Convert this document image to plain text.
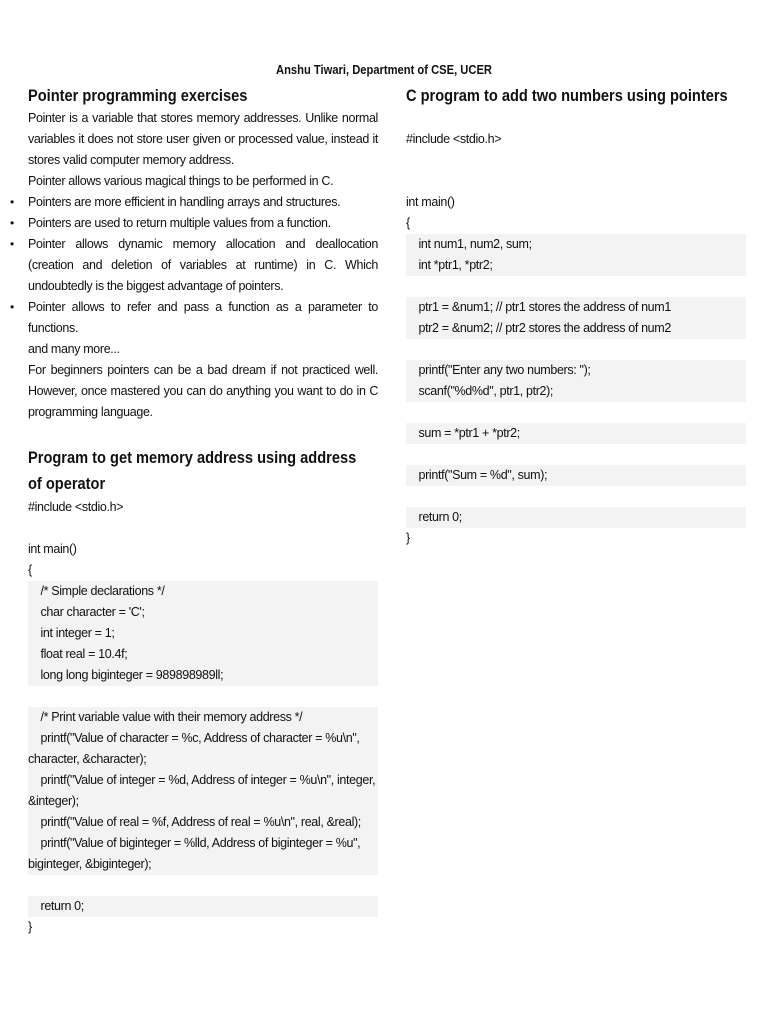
Anshu Tiwari, Department of CSE, UCER
Pointer programming exercises

Pointer is a variable that stores memory addresses. Unlike normal variables it does not store user given or processed value, instead it stores valid computer memory address.

Pointer allows various magical things to be performed in C.

• Pointers are more efficient in handling arrays and structures.
• Pointers are used to return multiple values from a function.
• Pointer allows dynamic memory allocation and deallocation (creation and deletion of variables at runtime) in C. Which undoubtedly is the biggest advantage of pointers.
• Pointer allows to refer and pass a function as a parameter to functions.

and many more...

For beginners pointers can be a bad dream if not practiced well. However, once mastered you can do anything you want to do in C programming language.

Program to get memory address using address of operator
#include <stdio.h>
int main()
{
/* Simple declarations */
char character = 'C';
int integer = 1;
float real = 10.4f;
long long biginteger = 989898989ll;
/* Print variable value with their memory address */
printf("Value of character = %c, Address of character = %u\n", character, &character);
printf("Value of integer = %d, Address of integer = %u\n", integer, &integer);
printf("Value of real = %f, Address of real = %u\n", real, &real);
printf("Value of biginteger = %lld, Address of biginteger = %u", biginteger, &biginteger);
return 0;
}
C program to add two numbers using pointers
#include <stdio.h>
int main()
{
int num1, num2, sum;
int *ptr1, *ptr2;
ptr1 = &num1; // ptr1 stores the address of num1
ptr2 = &num2; // ptr2 stores the address of num2
printf("Enter any two numbers: ");
scanf("%d%d", ptr1, ptr2);
sum = *ptr1 + *ptr2;
printf("Sum = %d", sum);
return 0;
}
